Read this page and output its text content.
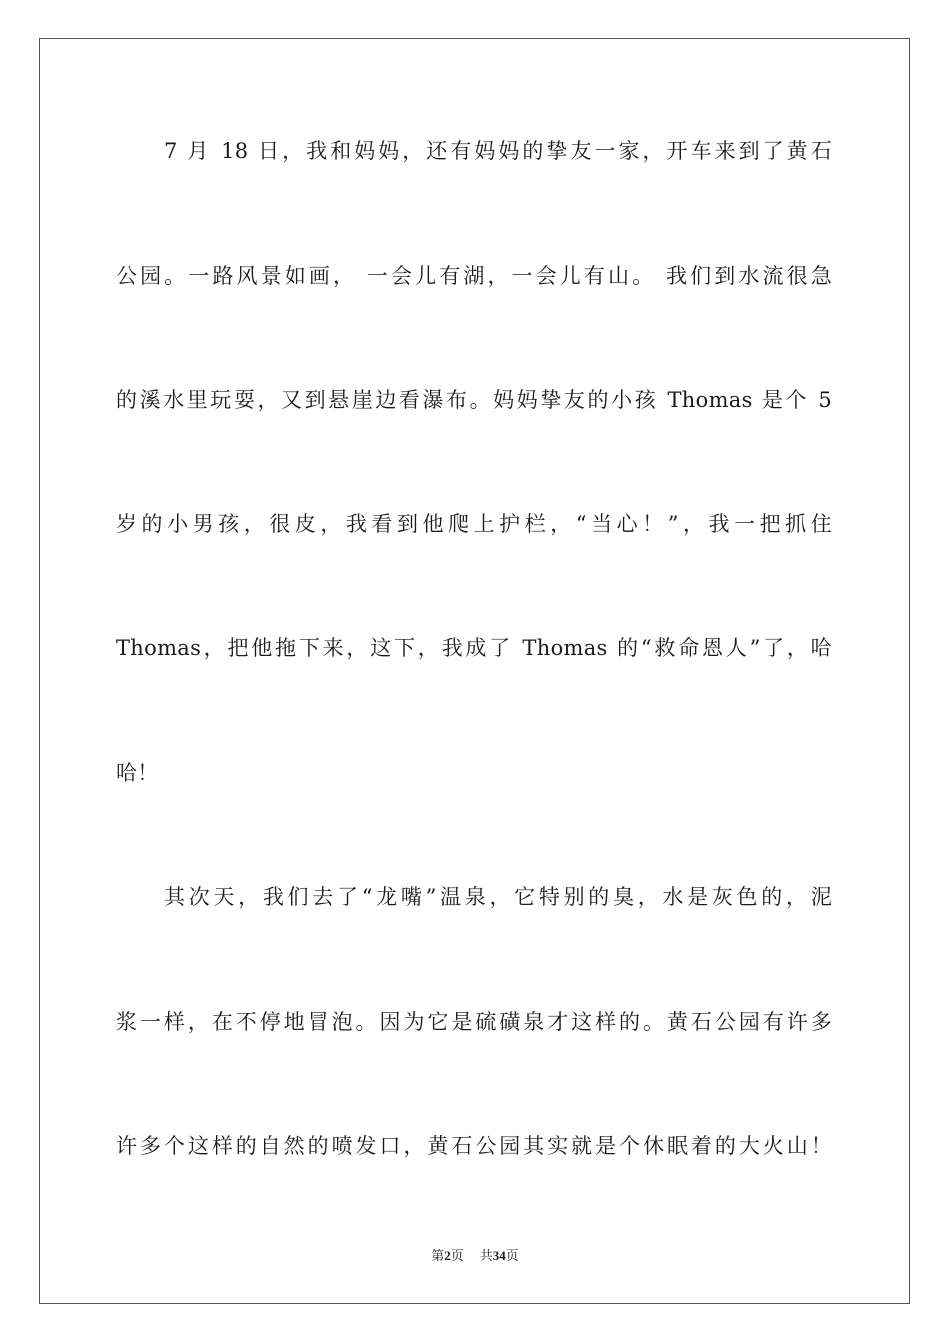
7 月 18 日，我和妈妈，还有妈妈的挚友一家，开车来到了黄石
公园。一路风景如画， 一会儿有湖，一会儿有山。 我们到水流很急
的溪水里玩耍，又到悬崖边看瀑布。妈妈挚友的小孩 Thomas 是个 5
岁的小男孩，很皮，我看到他爬上护栏，“当心！”，我一把抓住
Thomas，把他拖下来，这下，我成了 Thomas 的“救命恩人”了，哈
哈！
其次天，我们去了“龙嘴”温泉，它特别的臭，水是灰色的，泥
浆一样，在不停地冒泡。因为它是硫磺泉才这样的。黄石公园有许多
许多个这样的自然的喷发口，黄石公园其实就是个休眠着的大火山！
第2页 共34页
